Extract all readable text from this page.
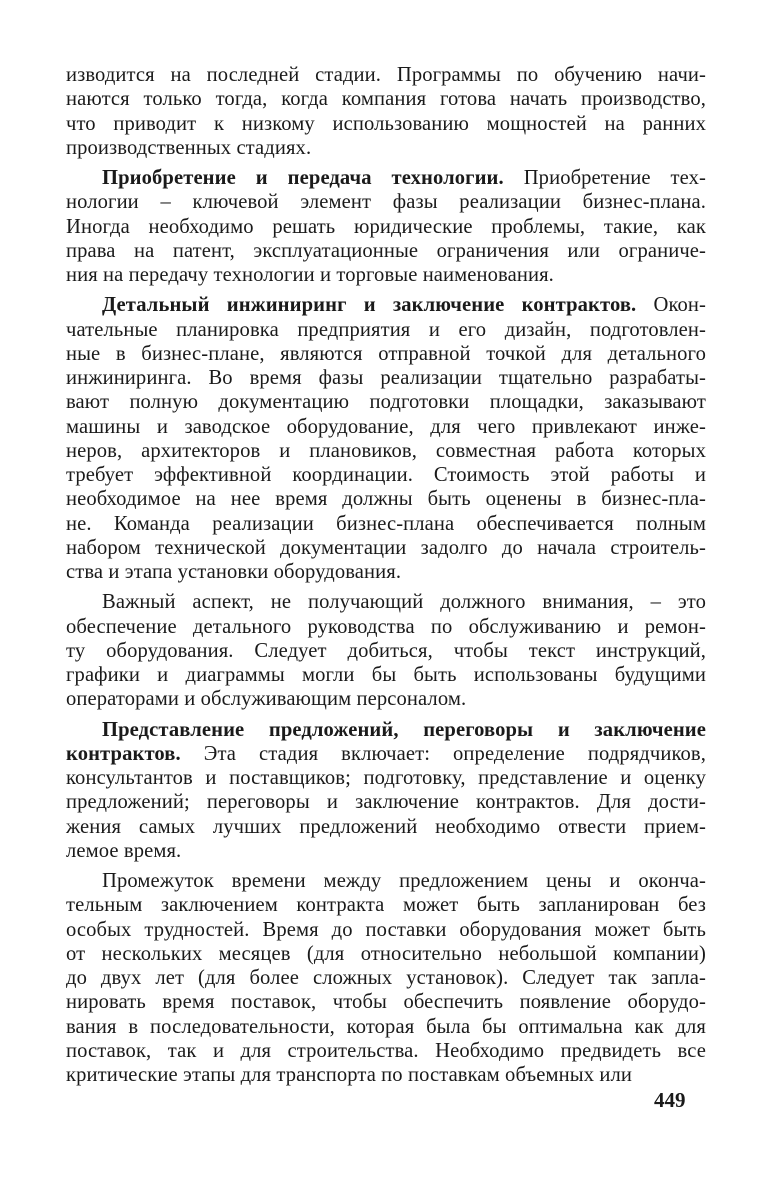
изводится на последней стадии. Программы по обучению начи-
наются только тогда, когда компания готова начать производство,
что приводит к низкому использованию мощностей на ранних
производственных стадиях.
Приобретение и передача технологии. Приобретение тех-
нологии – ключевой элемент фазы реализации бизнес-плана.
Иногда необходимо решать юридические проблемы, такие, как
права на патент, эксплуатационные ограничения или ограниче-
ния на передачу технологии и торговые наименования.
Детальный инжиниринг и заключение контрактов. Окон-
чательные планировка предприятия и его дизайн, подготовлен-
ные в бизнес-плане, являются отправной точкой для детального
инжиниринга. Во время фазы реализации тщательно разрабаты-
вают полную документацию подготовки площадки, заказывают
машины и заводское оборудование, для чего привлекают инже-
неров, архитекторов и плановиков, совместная работа которых
требует эффективной координации. Стоимость этой работы и
необходимое на нее время должны быть оценены в бизнес-пла-
не. Команда реализации бизнес-плана обеспечивается полным
набором технической документации задолго до начала строитель-
ства и этапа установки оборудования.
Важный аспект, не получающий должного внимания, – это
обеспечение детального руководства по обслуживанию и ремон-
ту оборудования. Следует добиться, чтобы текст инструкций,
графики и диаграммы могли бы быть использованы будущими
операторами и обслуживающим персоналом.
Представление предложений, переговоры и заключение
контрактов. Эта стадия включает: определение подрядчиков,
консультантов и поставщиков; подготовку, представление и оценку
предложений; переговоры и заключение контрактов. Для дости-
жения самых лучших предложений необходимо отвести прием-
лемое время.
Промежуток времени между предложением цены и оконча-
тельным заключением контракта может быть запланирован без
особых трудностей. Время до поставки оборудования может быть
от нескольких месяцев (для относительно небольшой компании)
до двух лет (для более сложных установок). Следует так запла-
нировать время поставок, чтобы обеспечить появление оборудо-
вания в последовательности, которая была бы оптимальна как для
поставок, так и для строительства. Необходимо предвидеть все
критические этапы для транспорта по поставкам объемных или
449
